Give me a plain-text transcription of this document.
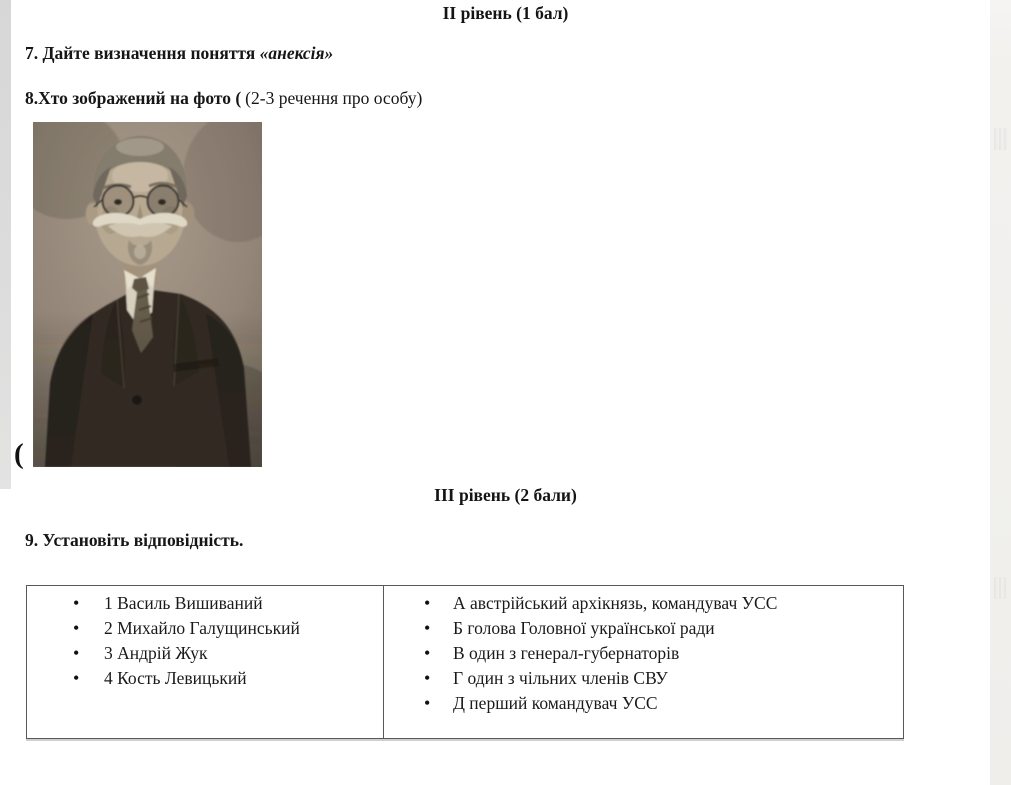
ІІ рівень (1 бал)
7. Дайте визначення поняття «анексія»
8.Хто зображений на фото ( (2-3 речення про особу)
(
ІІІ рівень (2 бали)
9. Установіть відповідність.
• 1 Василь Вишиваний
• 2 Михайло Галущинський
• 3 Андрій Жук
• 4 Кость Левицький

• А австрійський архікнязь, командувач УСС
• Б голова Головної української ради
• В один з генерал-губернаторів
• Г один з чільних членів СВУ
• Д перший командувач УСС
